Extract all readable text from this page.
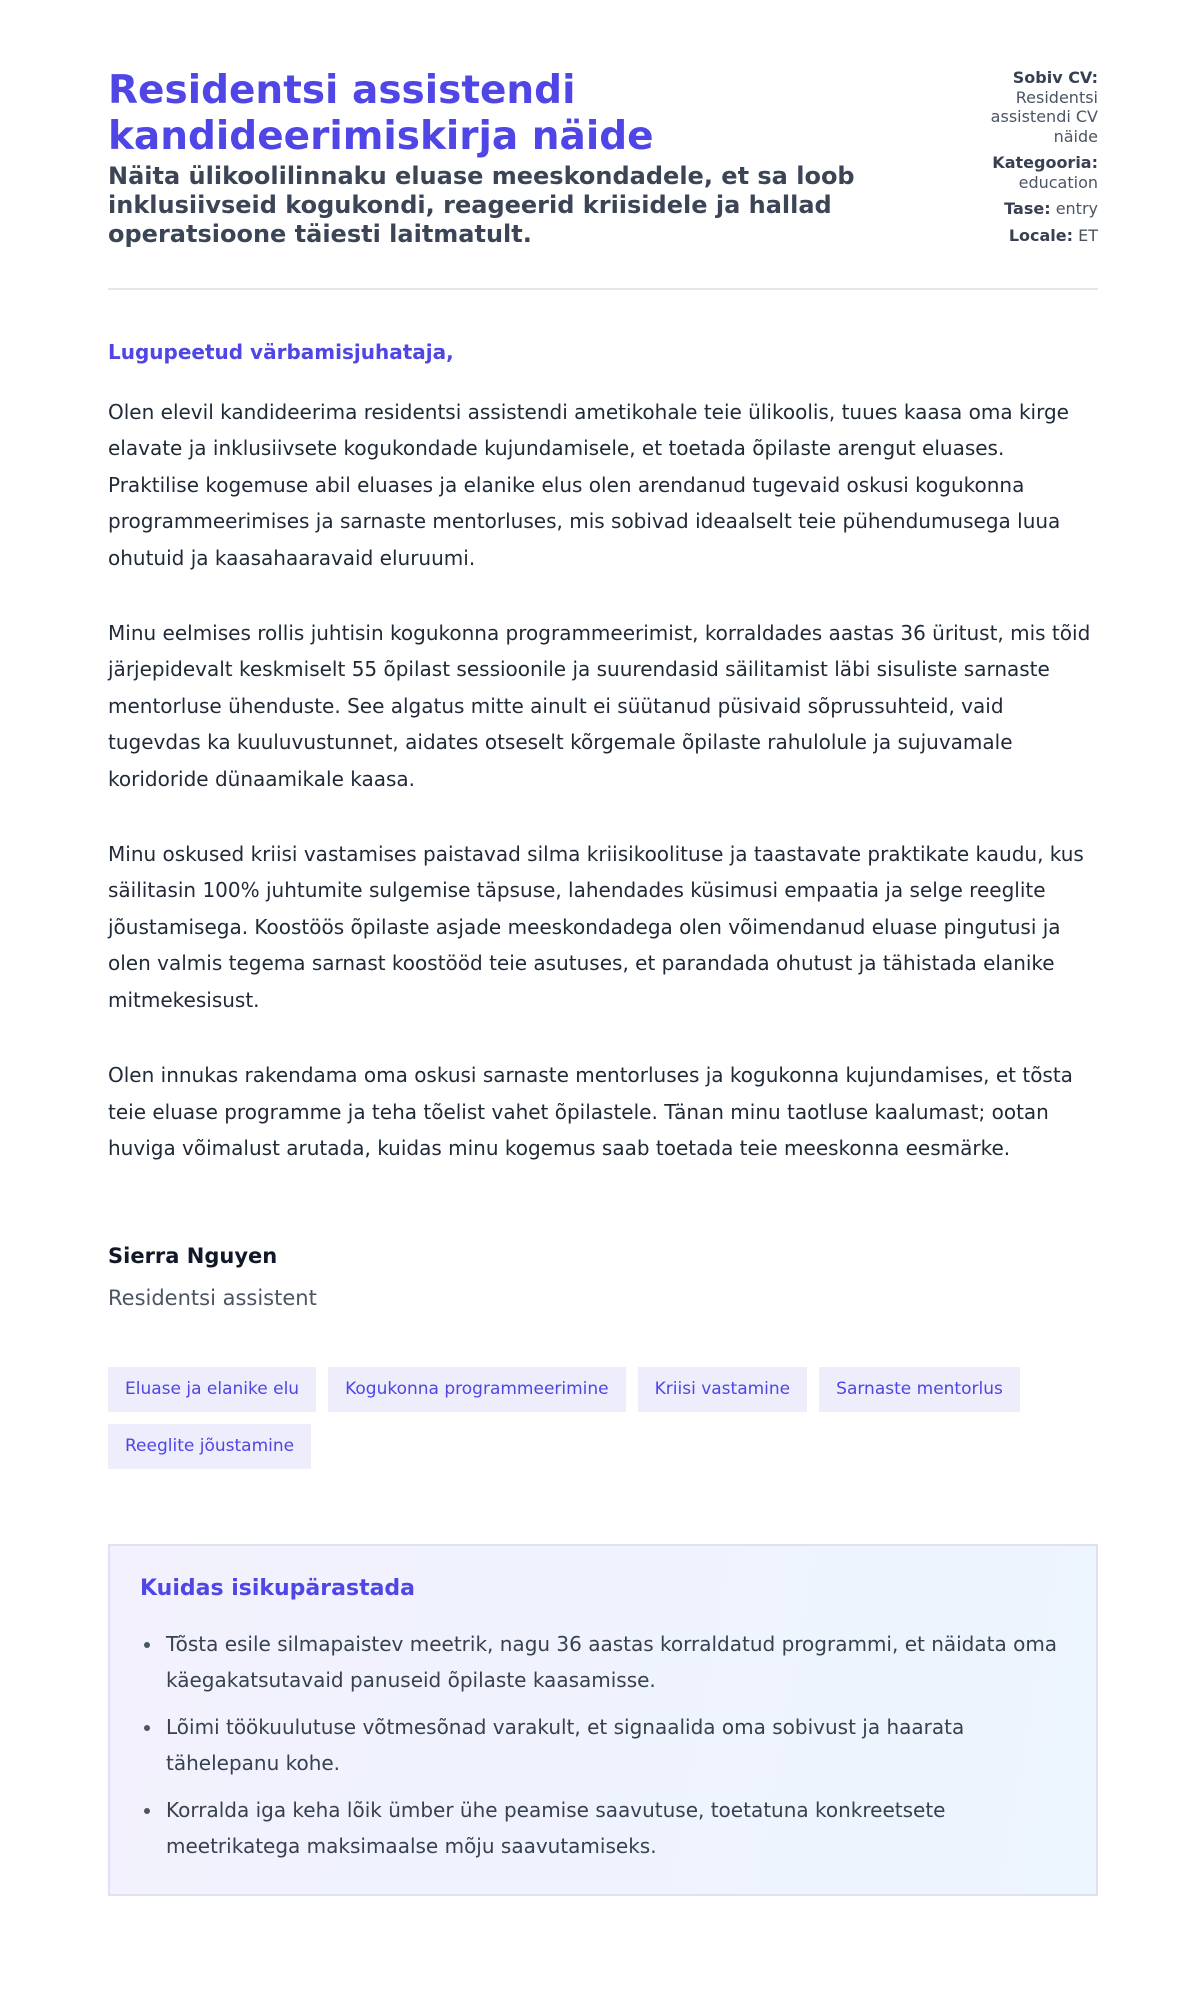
Residentsi assistendi kandideerimiskirja näide

Näita ülikoolilinnaku eluase meeskondadele, et sa loob inklusiivseid kogukondi, reageerid kriisidele ja hallad operatsioone täiesti laitmatult.

Sobiv CV:
Residentsi assistendi CV näide
Kategooria:
education
Tase: entry
Locale: ET

Lugupeetud värbamisjuhataja,

Olen elevil kandideerima residentsi assistendi ametikohale teie ülikoolis, tuues kaasa oma kirge elavate ja inklusiivsete kogukondade kujundamisele, et toetada õpilaste arengut eluases. Praktilise kogemuse abil eluases ja elanike elus olen arendanud tugevaid oskusi kogukonna programmeerimises ja sarnaste mentorluses, mis sobivad ideaalselt teie pühendumusega luua ohutuid ja kaasahaaravaid eluruumi.

Minu eelmises rollis juhtisin kogukonna programmeerimist, korraldades aastas 36 üritust, mis tõid järjepidevalt keskmiselt 55 õpilast sessioonile ja suurendasid säilitamist läbi sisuliste sarnaste mentorluse ühenduste. See algatus mitte ainult ei süütanud püsivaid sõprussuhteid, vaid tugevdas ka kuuluvustunnet, aidates otseselt kõrgemale õpilaste rahulolule ja sujuvamale koridoride dünaamikale kaasa.

Minu oskused kriisi vastamises paistavad silma kriisikoolituse ja taastavate praktikate kaudu, kus säilitasin 100% juhtumite sulgemise täpsuse, lahendades küsimusi empaatia ja selge reeglite jõustamisega. Koostöös õpilaste asjade meeskondadega olen võimendanud eluase pingutusi ja olen valmis tegema sarnast koostööd teie asutuses, et parandada ohutust ja tähistada elanike mitmekesisust.

Olen innukas rakendama oma oskusi sarnaste mentorluses ja kogukonna kujundamises, et tõsta teie eluase programme ja teha tõelist vahet õpilastele. Tänan minu taotluse kaalumast; ootan huviga võimalust arutada, kuidas minu kogemus saab toetada teie meeskonna eesmärke.

Sierra Nguyen

Residentsi assistent

Eluase ja elanike elu	Kogukonna programmeerimine	Kriisi vastamine	Sarnaste mentorlus
Reeglite jõustamine
Kuidas isikupärastada
Tõsta esile silmapaistev meetrik, nagu 36 aastas korraldatud programmi, et näidata oma käegakatsutavaid panuseid õpilaste kaasamisse.
Lõimi töökuulutuse võtmesõnad varakult, et signaalida oma sobivust ja haarata tähelepanu kohe.
Korralda iga keha lõik ümber ühe peamise saavutuse, toetatuna konkreetsete meetrikatega maksimaalse mõju saavutamiseks.
